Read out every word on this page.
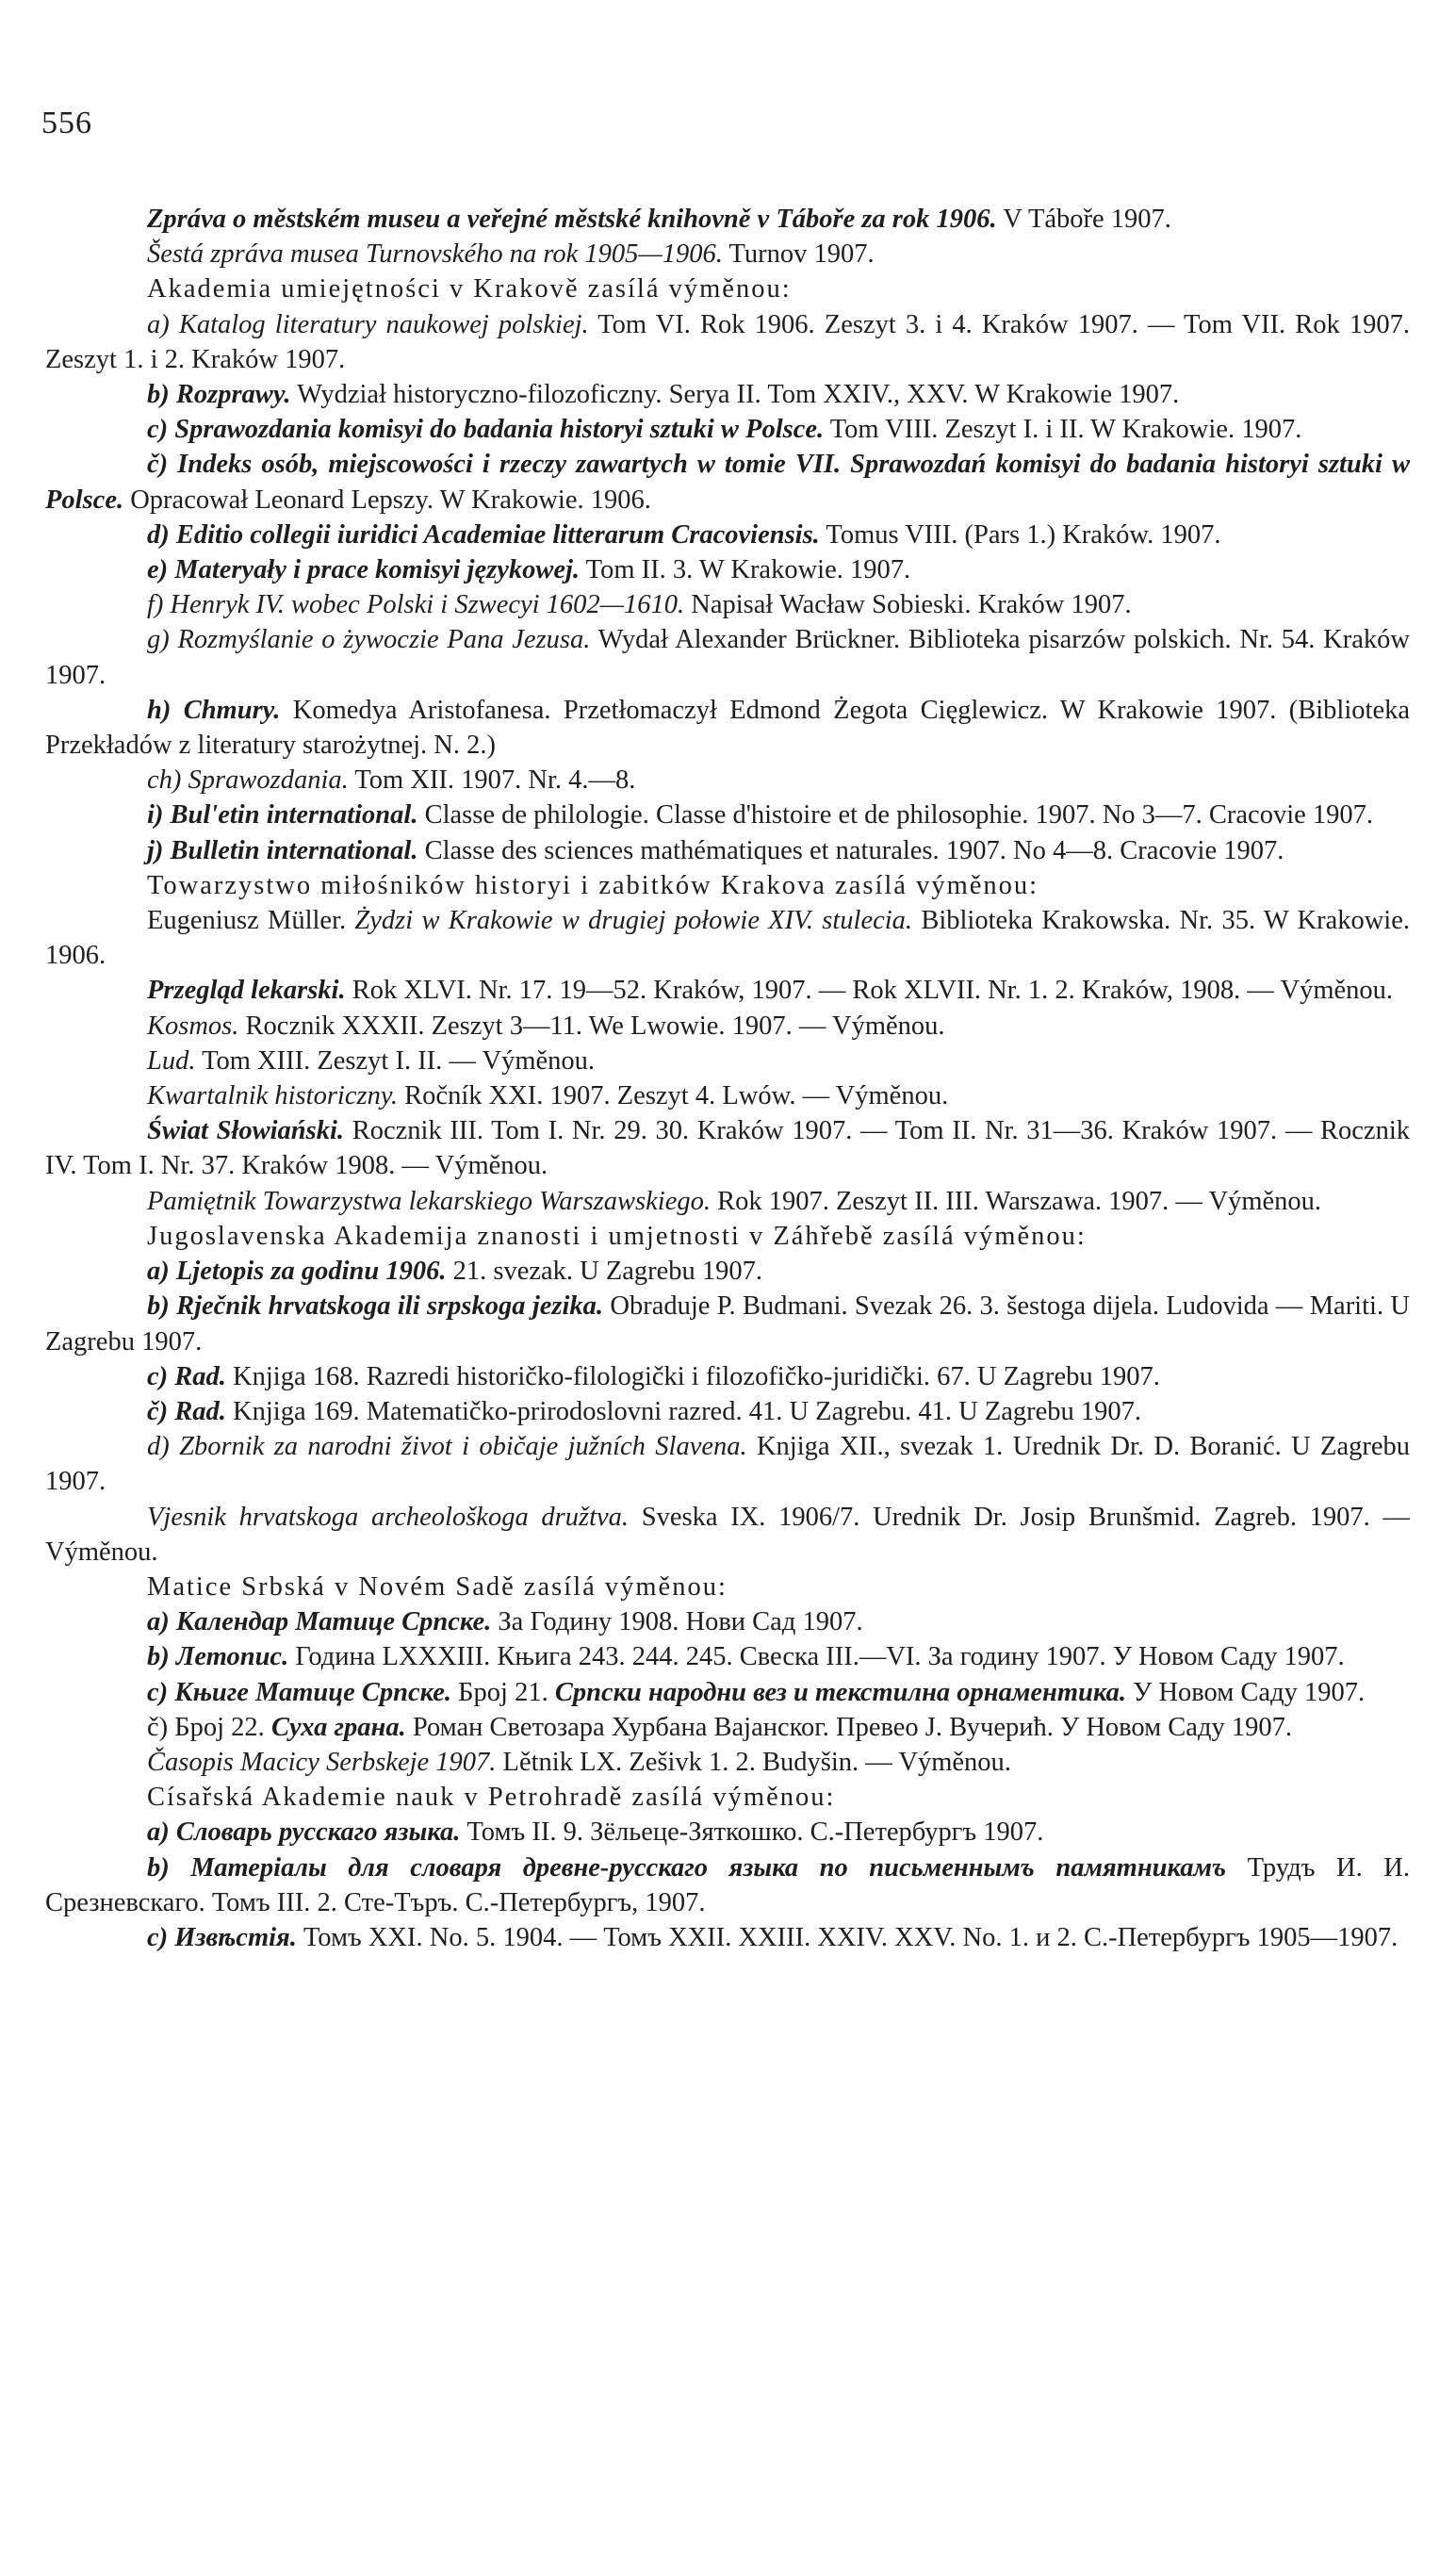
556

Zpráva o městském museu a veřejné městské knihovně v Táboře za rok 1906. V Táboře 1907.

Šestá zpráva musea Turnovského na rok 1905—1906. Turnov 1907.

Akademia umiejętności v Krakově zasílá výměnou:

a) Katalog literatury naukowej polskiej. Tom VI. Rok 1906. Zeszyt 3. i 4. Kraków 1907. — Tom VII. Rok 1907. Zeszyt 1. i 2. Kraków 1907.

b) Rozprawy. Wydział historyczno-filozoficzny. Serya II. Tom XXIV., XXV. W Krakowie 1907.

c) Sprawozdania komisyi do badania historyi sztuki w Polsce. Tom VIII. Zeszyt I. i II. W Krakowie. 1907.

č) Indeks osób, miejscowości i rzeczy zawartych w tomie VII. Sprawozdań komisyi do badania historyi sztuki w Polsce. Opracował Leonard Lepszy. W Krakowie. 1906.

d) Editio collegii iuridici Academiae litterarum Cracoviensis. Tomus VIII. (Pars 1.) Kraków. 1907.

e) Materyały i prace komisyi językowej. Tom II. 3. W Krakowie. 1907.

f) Henryk IV. wobec Polski i Szwecyi 1602—1610. Napisał Wacław Sobieski. Kraków 1907.

g) Rozmyślanie o żywoczie Pana Jezusa. Wydał Alexander Brückner. Biblioteka pisarzów polskich. Nr. 54. Kraków 1907.

h) Chmury. Komedya Aristofanesa. Przetłomaczył Edmond Żegota Cięglewicz. W Krakowie 1907. (Biblioteka Przekładów z literatury starożytnej. N. 2.)

ch) Sprawozdania. Tom XII. 1907. Nr. 4.—8.

i) Bul'etin international. Classe de philologie. Classe d'histoire et de philosophie. 1907. No 3—7. Cracovie 1907.

j) Bulletin international. Classe des sciences mathématiques et naturales. 1907. No 4—8. Cracovie 1907.

Towarzystwo miłośników historyi i zabitków Krakova zasílá výměnou:

Eugeniusz Müller. Żydzi w Krakowie w drugiej połowie XIV. stulecia. Biblioteka Krakowska. Nr. 35. W Krakowie. 1906.

Przegląd lekarski. Rok XLVI. Nr. 17. 19—52. Kraków, 1907. — Rok XLVII. Nr. 1. 2. Kraków, 1908. — Výměnou.

Kosmos. Rocznik XXXII. Zeszyt 3—11. We Lwowie. 1907. — Výměnou.

Lud. Tom XIII. Zeszyt I. II. — Výměnou.

Kwartalnik historiczny. Ročník XXI. 1907. Zeszyt 4. Lwów. — Výměnou.

Świat Słowiański. Rocznik III. Tom I. Nr. 29. 30. Kraków 1907. — Tom II. Nr. 31—36. Kraków 1907. — Rocznik IV. Tom I. Nr. 37. Kraków 1908. — Výměnou.

Pamiętnik Towarzystwa lekarskiego Warszawskiego. Rok 1907. Zeszyt II. III. Warszawa. 1907. — Výměnou.

Jugoslavenska Akademija znanosti i umjetnosti v Záhřebě zasílá výměnou:

a) Ljetopis za godinu 1906. 21. svezak. U Zagrebu 1907.

b) Rječnik hrvatskoga ili srpskoga jezika. Obraduje P. Budmani. Svezak 26. 3. šestoga dijela. Ludovida — Mariti. U Zagrebu 1907.

c) Rad. Knjiga 168. Razredi historičko-filologički i filozofičko-juridički. 67. U Zagrebu 1907.

č) Rad. Knjiga 169. Matematičko-prirodoslovni razred. 41. U Zagrebu. 41. U Zagrebu 1907.

d) Zbornik za narodni život i običaje južních Slavena. Knjiga XII., svezak 1. Urednik Dr. D. Boranić. U Zagrebu 1907.

Vjesnik hrvatskoga archeološkoga družtva. Sveska IX. 1906/7. Urednik Dr. Josip Brunšmid. Zagreb. 1907. — Výměnou.

Matice Srbská v Novém Sadě zasílá výměnou:

a) Календар Матице Српске. За Годину 1908. Нови Сад 1907.

b) Летопис. Година LXXXIII. Књига 243. 244. 245. Свеска III.—VI. За годину 1907. У Новом Саду 1907.

c) Књиге Матице Српске. Број 21. Српски народни вез и текстилна орнаментика. У Новом Саду 1907.

č) Број 22. Суха грана. Роман Светозара Хурбана Вајанског. Превео J. Вучерић. У Новом Саду 1907.

Časopis Macicy Serbskeje 1907. Lětnik LX. Zešivk 1. 2. Budyšin. — Výměnou.

Císařská Akademie nauk v Petrohradě zasílá výměnou:

a) Словарь русскаго языка. Томъ II. 9. Зёльеце-Зяткошко. С.-Петербургъ 1907.

b) Матеріалы для словаря древне-русскаго языка по письменнымъ памятникамъ Трудъ И. И. Срезневскаго. Томъ III. 2. Сте-Търъ. С.-Петербургъ, 1907.

c) Извѣстія. Томъ XXI. No. 5. 1904. — Томъ XXII. XXIII. XXIV. XXV. No. 1. и 2. С.-Петербургъ 1905—1907.
